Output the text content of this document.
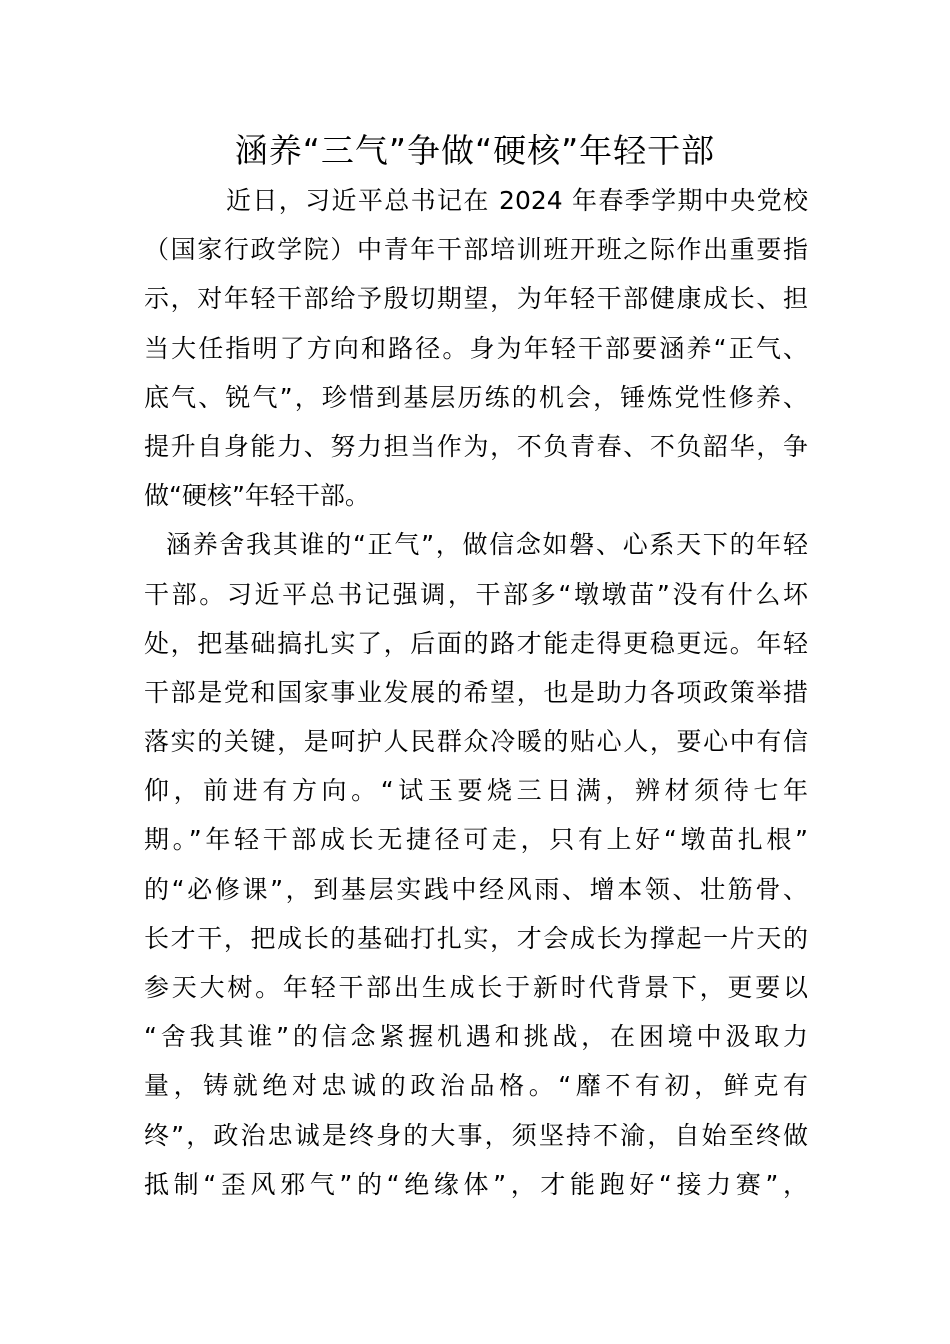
涵养“三气”争做“硬核”年轻干部
近日，习近平总书记在 2024 年春季学期中央党校
（国家行政学院）中青年干部培训班开班之际作出重要指
示，对年轻干部给予殷切期望，为年轻干部健康成长、担
当大任指明了方向和路径。身为年轻干部要涵养“正气、
底气、锐气”，珍惜到基层历练的机会，锤炼党性修养、
提升自身能力、努力担当作为，不负青春、不负韶华，争
做“硬核”年轻干部。
涵养舍我其谁的“正气”，做信念如磐、心系天下的年轻
干部。习近平总书记强调，干部多“墩墩苗”没有什么坏
处，把基础搞扎实了，后面的路才能走得更稳更远。年轻
干部是党和国家事业发展的希望，也是助力各项政策举措
落实的关键，是呵护人民群众冷暖的贴心人，要心中有信
仰，前进有方向。“试玉要烧三日满，辨材须待七年
期。”年轻干部成长无捷径可走，只有上好“墩苗扎根”
的“必修课”，到基层实践中经风雨、增本领、壮筋骨、
长才干，把成长的基础打扎实，才会成长为撑起一片天的
参天大树。年轻干部出生成长于新时代背景下，更要以
“舍我其谁”的信念紧握机遇和挑战，在困境中汲取力
量，铸就绝对忠诚的政治品格。“靡不有初，鲜克有
终”，政治忠诚是终身的大事，须坚持不渝，自始至终做
抵制“歪风邪气”的“绝缘体”，才能跑好“接力赛”，
